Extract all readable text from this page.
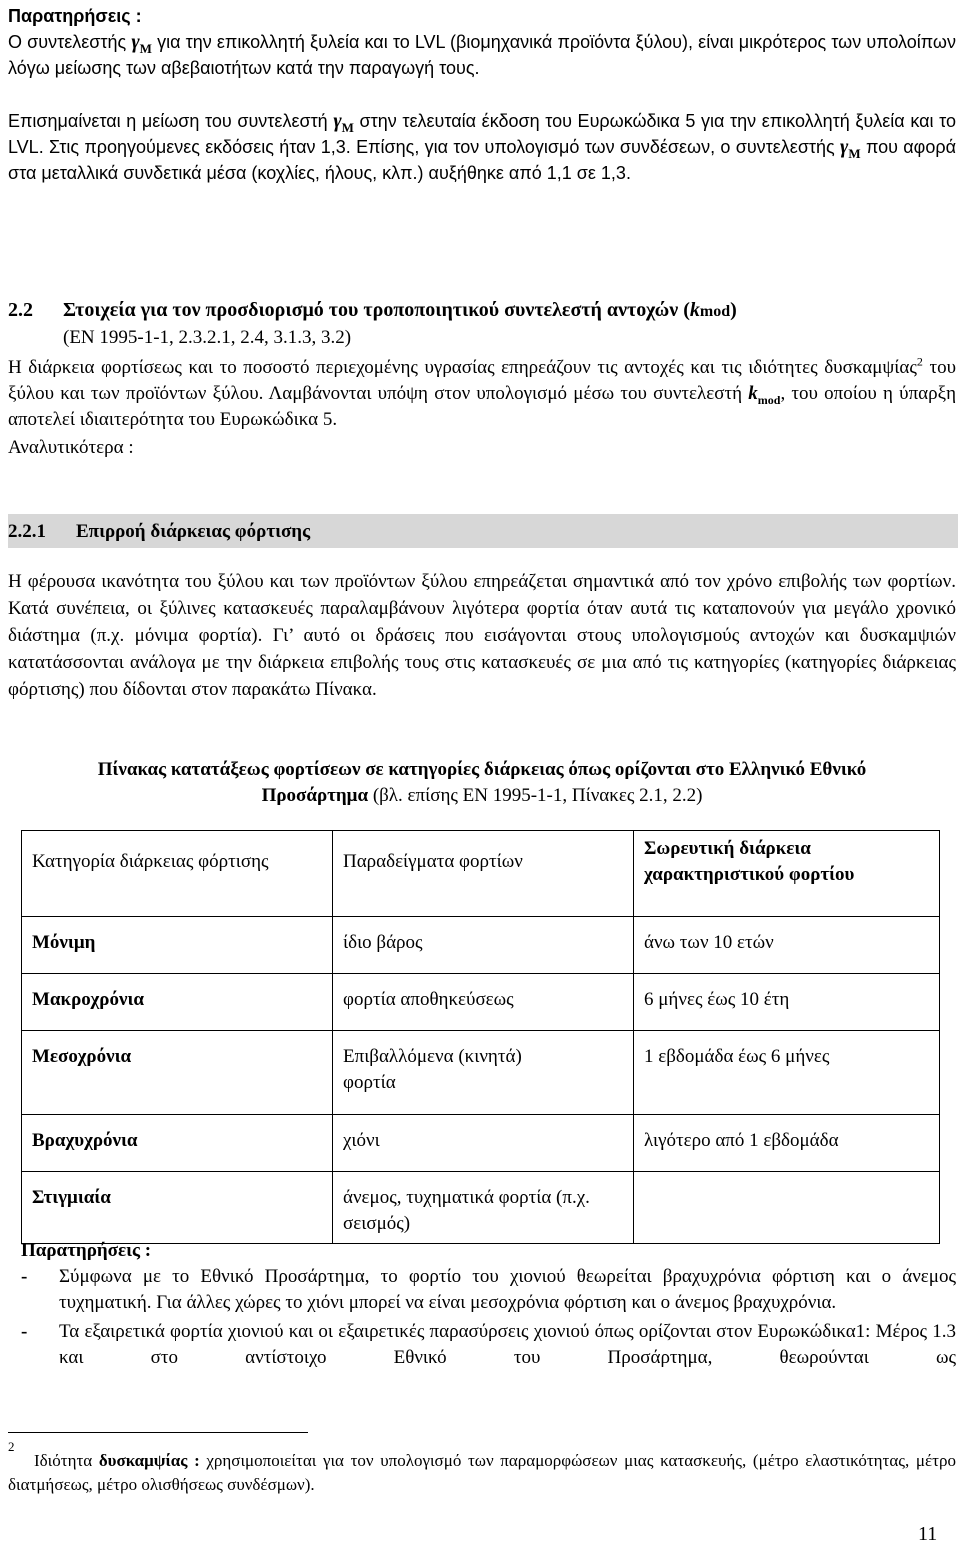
Παρατηρήσεις :

Ο συντελεστής $\gamma_M$ για την επικολλητή ξυλεία και το LVL (βιομηχανικά προϊόντα ξύλου), είναι μικρότερος των υπολοίπων λόγω μείωσης των αβεβαιοτήτων κατά την παραγωγή τους.

Επισημαίνεται η μείωση του συντελεστή $\gamma_M$ στην τελευταία έκδοση του Ευρωκώδικα 5 για την επικολλητή ξυλεία και το LVL. Στις προηγούμενες εκδόσεις ήταν 1,3. Επίσης, για τον υπολογισμό των συνδέσεων, ο συντελεστής $\gamma_M$ που αφορά στα μεταλλικά συνδετικά μέσα (κοχλίες, ήλους, κλπ.) αυξήθηκε από 1,1 σε 1,3.

2.2 Στοιχεία για τον προσδιορισμό του τροποποιητικού συντελεστή αντοχών (kmod)
(ΕΝ 1995-1-1, 2.3.2.1, 2.4, 3.1.3, 3.2)

Η διάρκεια φορτίσεως και το ποσοστό περιεχομένης υγρασίας επηρεάζουν τις αντοχές και τις ιδιότητες δυσκαμψίας$^2$ του ξύλου και των προϊόντων ξύλου. Λαμβάνονται υπόψη στον υπολογισμό μέσω του συντελεστή $k_{mod}$, του οποίου η ύπαρξη αποτελεί ιδιαιτερότητα του Ευρωκώδικα 5.

Αναλυτικότερα :
2.2.1 Επιρροή διάρκειας φόρτισης

Η φέρουσα ικανότητα του ξύλου και των προϊόντων ξύλου επηρεάζεται σημαντικά από τον χρόνο επιβολής των φορτίων. Κατά συνέπεια, οι ξύλινες κατασκευές παραλαμβάνουν λιγότερα φορτία όταν αυτά τις καταπονούν για μεγάλο χρονικό διάστημα (π.χ. μόνιμα φορτία). Γι’ αυτό οι δράσεις που εισάγονται στους υπολογισμούς αντοχών και δυσκαμψιών κατατάσσονται ανάλογα με την διάρκεια επιβολής τους στις κατασκευές σε μια από τις κατηγορίες (κατηγορίες διάρκειας φόρτισης) που δίδονται στον παρακάτω Πίνακα.

Πίνακας κατατάξεως φορτίσεων σε κατηγορίες διάρκειας όπως ορίζονται στο Ελληνικό Εθνικό
Προσάρτημα (βλ. επίσης ΕΝ 1995-1-1, Πίνακες 2.1, 2.2)
Κατηγορία διάρκειας φόρτισης	Παραδείγματα φορτίων	Σωρευτική διάρκεια χαρακτηριστικού φορτίου
Μόνιμη	ίδιο βάρος	άνω των 10 ετών
Μακροχρόνια	φορτία αποθηκεύσεως	6 μήνες έως 10 έτη
Μεσοχρόνια	Επιβαλλόμενα (κινητά) φορτία	1 εβδομάδα έως 6 μήνες
Βραχυχρόνια	χιόνι	λιγότερο από 1 εβδομάδα
Στιγμιαία	άνεμος, τυχηματικά φορτία (π.χ. σεισμός)	
Παρατηρήσεις :
- Σύμφωνα με το Εθνικό Προσάρτημα, το φορτίο του χιονιού θεωρείται βραχυχρόνια φόρτιση και ο άνεμος τυχηματική. Για άλλες χώρες το χιόνι μπορεί να είναι μεσοχρόνια φόρτιση και ο άνεμος βραχυχρόνια.

- Τα εξαιρετικά φορτία χιονιού και οι εξαιρετικές παρασύρσεις χιονιού όπως ορίζονται στον Ευρωκώδικα1: Μέρος 1.3 και στο αντίστοιχο Εθνικό του Προσάρτημα, θεωρούνται ως

2

Ιδιότητα δυσκαμψίας : χρησιμοποιείται για τον υπολογισμό των παραμορφώσεων μιας κατασκευής, (μέτρο ελαστικότητας, μέτρο διατμήσεως, μέτρο ολισθήσεως συνδέσμων).

11
